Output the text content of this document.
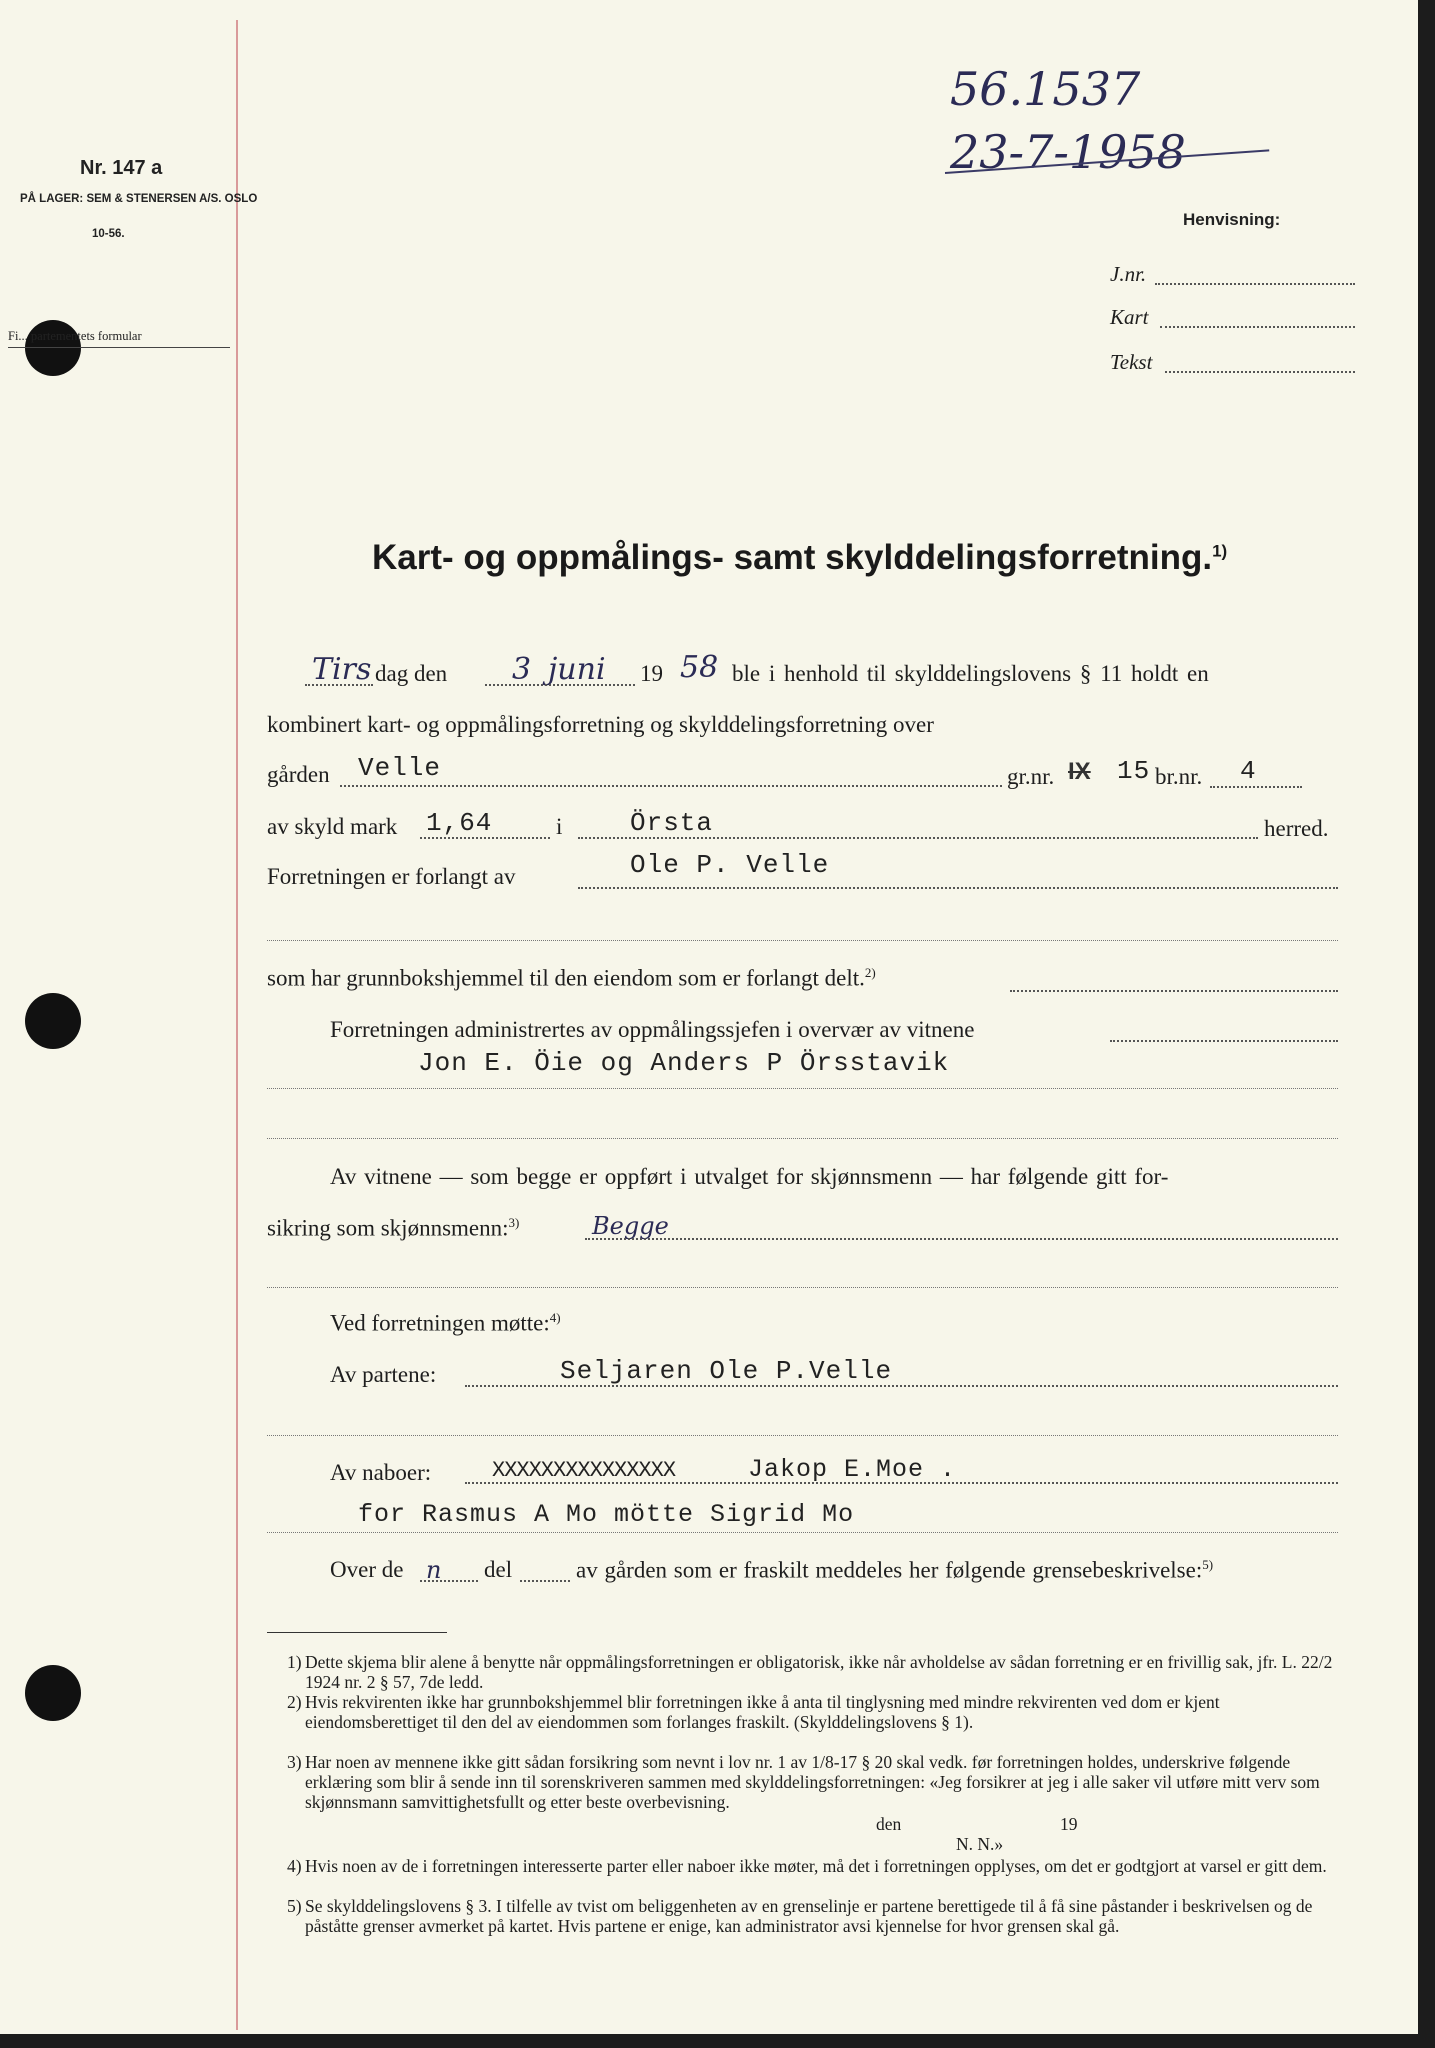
Nr. 147 a
PÅ LAGER: SEM & STENERSEN A/S. OSLO
10-56.
Fi... partementets formular
56.1537
23-7-1958
Henvisning:
J.nr.
Kart
Tekst
Kart- og oppmålings- samt skylddelingsforretning.$^{1)}$
Tirs dag den 3 juni 19 58 ble i henhold til skylddelingslovens § 11 holdt en
kombinert kart- og oppmålingsforretning og skylddelingsforretning over
gården Velle	gr.nr. IX 15 br.nr. 4
av skyld mark 1,64	i	Örsta	herred.
Forretningen er forlangt av	Ole P. Velle
som har grunnbokshjemmel til den eiendom som er forlangt delt.$^{2)}$
Forretningen administrertes av oppmålingssjefen i overvær av vitnene
Jon E. Öie og Anders P Örsstavik
Av vitnene — som begge er oppført i utvalget for skjønnsmenn — har følgende gitt for-
sikring som skjønnsmenn:$^{3)}$	Begge
Ved forretningen møtte:$^{4)}$
Av partene:	Seljaren Ole P.Velle
Av naboer:	XXXXXXXXXXXXXXX	Jakop E.Moe .
for Rasmus A Mo mötte Sigrid Mo
Over de n del	av gården som er fraskilt meddeles her følgende grensebeskrivelse:$^{5)}$
1) Dette skjema blir alene å benytte når oppmålingsforretningen er obligatorisk, ikke når avholdelse av sådan forretning er en frivillig sak, jfr. L. 22/2 1924 nr. 2 § 57, 7de ledd.
2) Hvis rekvirenten ikke har grunnbokshjemmel blir forretningen ikke å anta til tinglysning med mindre rekvirenten ved dom er kjent eiendomsberettiget til den del av eiendommen som forlanges fraskilt. (Skylddelingslovens § 1).
3) Har noen av mennene ikke gitt sådan forsikring som nevnt i lov nr. 1 av 1/8-17 § 20 skal vedk. før forretningen holdes, underskrive følgende erklæring som blir å sende inn til sorenskriveren sammen med skylddelingsforretningen: «Jeg forsikrer at jeg i alle saker vil utføre mitt verv som skjønnsmann samvittighetsfullt og etter beste overbevisning.
den	19
N. N.»
4) Hvis noen av de i forretningen interesserte parter eller naboer ikke møter, må det i forretningen opplyses, om det er godtgjort at varsel er gitt dem.
5) Se skylddelingslovens § 3. I tilfelle av tvist om beliggenheten av en grenselinje er partene berettigede til å få sine påstander i beskrivelsen og de påståtte grenser avmerket på kartet. Hvis partene er enige, kan administrator avsi kjennelse for hvor grensen skal gå.
